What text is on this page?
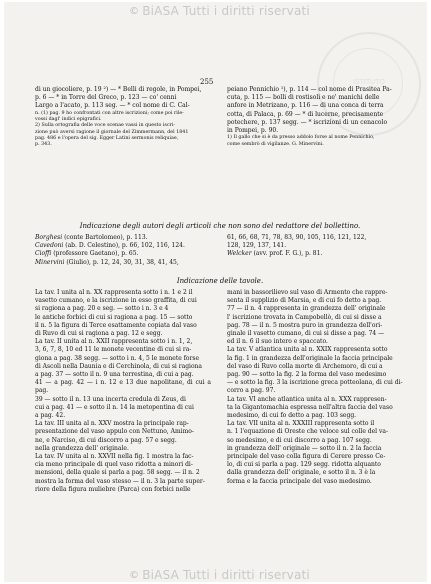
© BiASA Tutti i diritti riservati
ISTITUTO
255

di un giocoliere, p. 19 ²) — * Belli di regole, in Pompei,

p. 6 — * in Torre del Greco, p. 123 — co' cenni

Largo a l'acato, p. 113 seg. — * col nome di C. Cal-

n. (1) pag. 9 ho confrontati con altre iscrizioni; come poi rile-

vossi dagl' indici epigrafici.

2) Sulla ortografia delle voce scenae vassi in questo iscri-

zione può aversi ragione il giornale del Zimmermann, del 1841

pag. 486 e l'opera del sig. Egger Latini sermonis reliquiae,

p. 343.

peiano Pennichio ¹), p. 114 — col nome di Prasitea Pa-

cuta, p. 115 — bolli di rostisoli e ne' manichi delle

anfore in Metrizano, p. 116 — di una conca di terra

cotta, di Palaca, p. 69 — * di lucerne, precisamente

potechere, p. 137 segg. — * iscrizioni di un cenacolo

in Pompei, p. 90.

1) Il gallo che si è da presso addolo forse al nome Pennichio,

come sembrò di vigilanze. G. Minervini.

Indicazione degli autori degli articoli che non sono del redattore del bollettino.
Borghesi (conte Bartolomeo), p. 113.
Cavedoni (ab. D. Celestino), p. 66, 102, 116, 124.
Cioffi (professore Gaetano), p. 65.
Minervini (Giulio), p. 12, 24, 30, 31, 38, 41, 45,
61, 66, 68, 71, 78, 83, 90, 105, 116, 121, 122,
128, 129, 137, 141.
Welcker (avv. prof. F. G.), p. 81.
Indicazione delle tavole.

La tav. I unita al n. XX rappresenta sotto i n. 1 e 2 il

vasetto cumano, e la iscrizione in esso graffita, di cui

si ragiona a pag. 20 e seg. — sotto i n. 3 e 4

le antiche forbici di cui si ragiona a pag. 15 — sotto

il n. 5 la figura di Terce esattamente copiata dal vaso

di Ruvo di cui si ragiona a pag. 12 e segg.

La tav. II unita al n. XXII rappresenta sotto i n. 1, 2,

3, 6, 7, 8, 10 ed 11 le monete vecentine di cui si ra-

giona a pag. 38 segg. — sotto i n. 4, 5 le monete forse

di Ascoli nella Daunia e di Cerchinola, di cui si ragiona

a pag. 37 — sotto il n. 9 una terrestina, di cui a pag.

41 — a pag. 42 — i n. 12 e 13 due napolitane, di cui a pag.

39 — sotto il n. 13 una incerta credula di Zeus, di

cui a pag. 41 — e sotto il n. 14 la metopentina di cui

a pag. 42.

La tav. III unita al n. XXV mostra la principale rap-

presentazione del vaso appulo con Nettuno, Amimo-

ne, e Narciso, di cui discorro a pag. 57 e segg.

nella grandezza dell' originale.

La tav. IV unita al n. XXVII nella fig. 1 mostra la fac-

cia meno principale di quel vaso ridotta a minori di-

mensioni, della quale si parla a pag. 58 segg. — il n. 2

mostra la forma del vaso stesso — il n. 3 la parte super-

riore della figura muliebre (Parca) con forbici nelle

mani in bassorilievo sul vaso di Armento che rappre-

senta il supplizio di Marsia, e di cui fo detto a pag.

77 — il n. 4 rappresenta in grandezza dell' originale

l' iscrizione trovata in Campobellò, di cui si disse a

pag. 78 — il n. 5 mostra puro in grandezza dell'ori-

ginale il vasetto cumano, di cui si disse a pag. 74 —

ed il n. 6 il suo intero e spaccato.

La tav. V atlantica unita al n. XXIX rappresenta sotto

la fig. 1 in grandezza dell'originale la faccia principale

del vaso di Ruvo colla morte di Archemoro, di cui a

pag. 90 — sotto la fig. 2 la forma del vaso medesimo

— e sotto la fig. 3 la iscrizione greca potteolana, di cui di-

corro a pag. 97.

La tav. VI anche atlantica unita al n. XXX rappresen-

ta la Gigantomachia espressa nell'altra faccia del vaso

medesimo, di cui fo detto a pag. 103 segg.

La tav. VII unita al n. XXXIII rappresenta sotto il

n. 1 l'equazione di Oreste che veloce sul colle del va-

so medesimo, e di cui discorro a pag. 107 segg.

in grandezza dell' originale — sotto il n. 2 la faccia

principale del vaso colla figura di Cerere presso Ce-

lo, di cui si parla a pag. 129 segg. ridotta alquanto

dalla grandezza dell' originale, e sotto il n. 3 è la

forma e la faccia principale del vaso medesimo.

© BiASA Tutti i diritti riservati
